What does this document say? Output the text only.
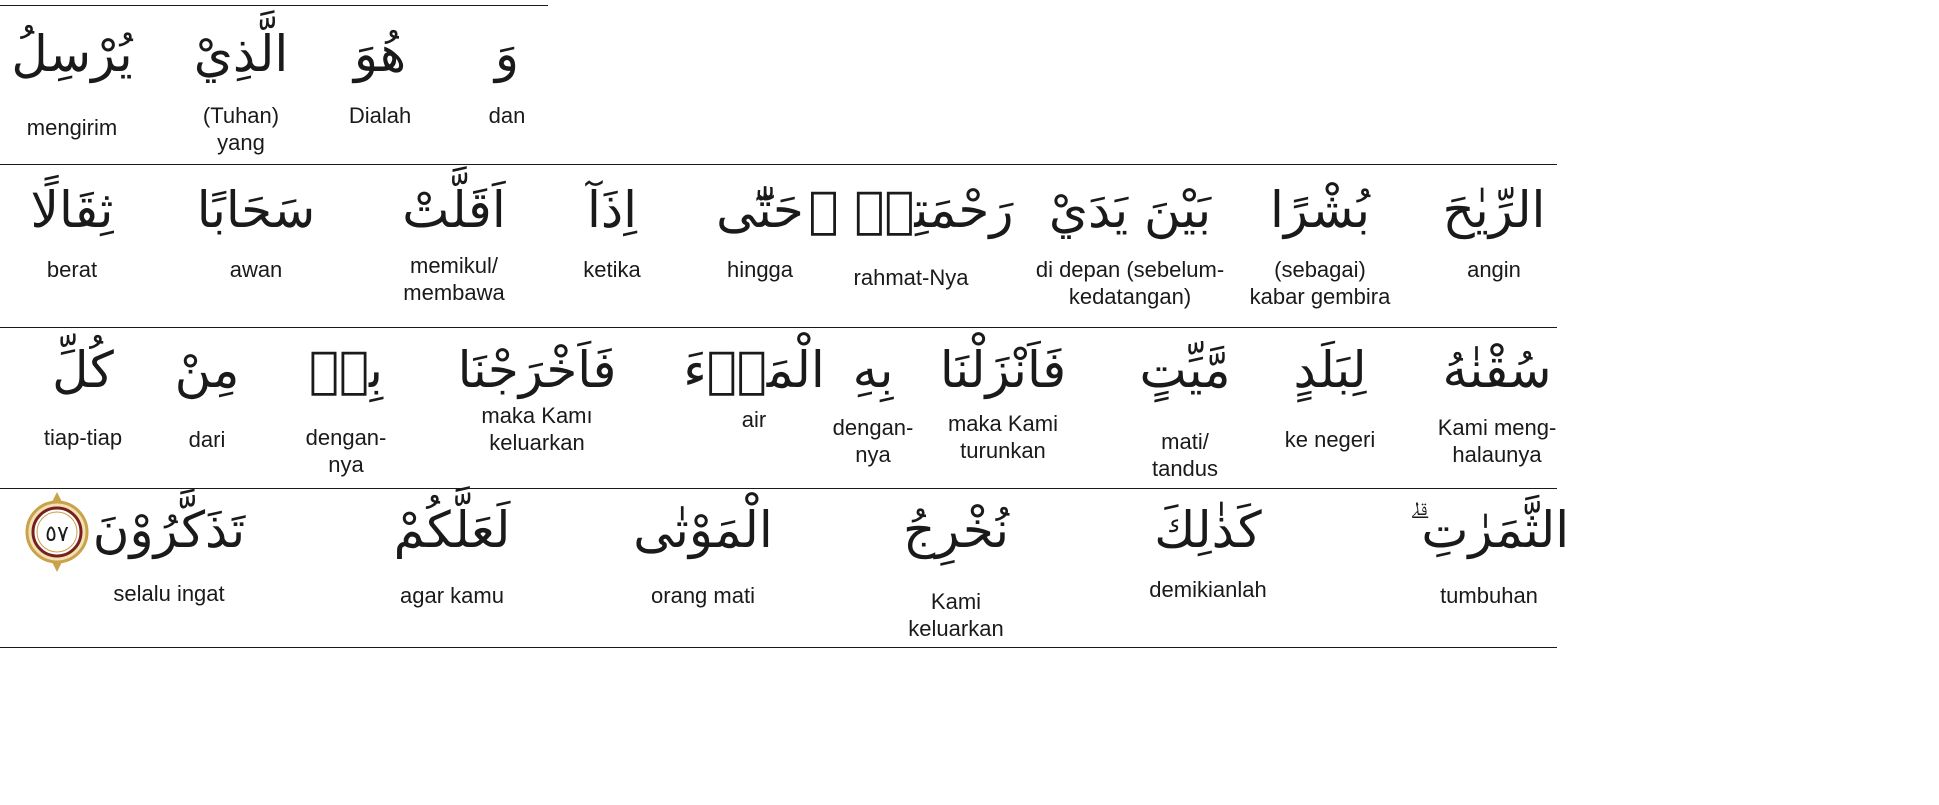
وَ
dan
هُوَ
Dialah
الَّذِيْ
(Tuhan)
yang
يُرْسِلُ
mengirim
الرِّيٰحَ
angin
بُشْرًا
(sebagai)
kabar gembira
بَيْنَ يَدَيْ
di depan (sebelum-
kedatangan)
رَحْمَتِهٖ ۗ
rahmat-Nya
حَتّٰٓى
hingga
اِذَآ
ketika
اَقَلَّتْ
memikul/
membawa
سَحَابًا
awan
ثِقَالًا
berat
سُقْنٰهُ
Kami meng-
halaunya
لِبَلَدٍ
ke negeri
مَّيِّتٍ
mati/
tandus
فَاَنْزَلْنَا
maka Kami
turunkan
بِهِ
dengan-
nya
الْمَاۤءَ
air
فَاَخْرَجْنَا
maka Kamı
keluarkan
بِهٖ
dengan-
nya
مِنْ
dari
كُلِّ
tiap-tiap
الثَّمَرٰتِ ۗ
tumbuhan
كَذٰلِكَ
demikianlah
نُخْرِجُ
Kami
keluarkan
الْمَوْتٰى
orang mati
لَعَلَّكُمْ
agar kamu
تَذَكَّرُوْنَ
selalu ingat
٥٧
